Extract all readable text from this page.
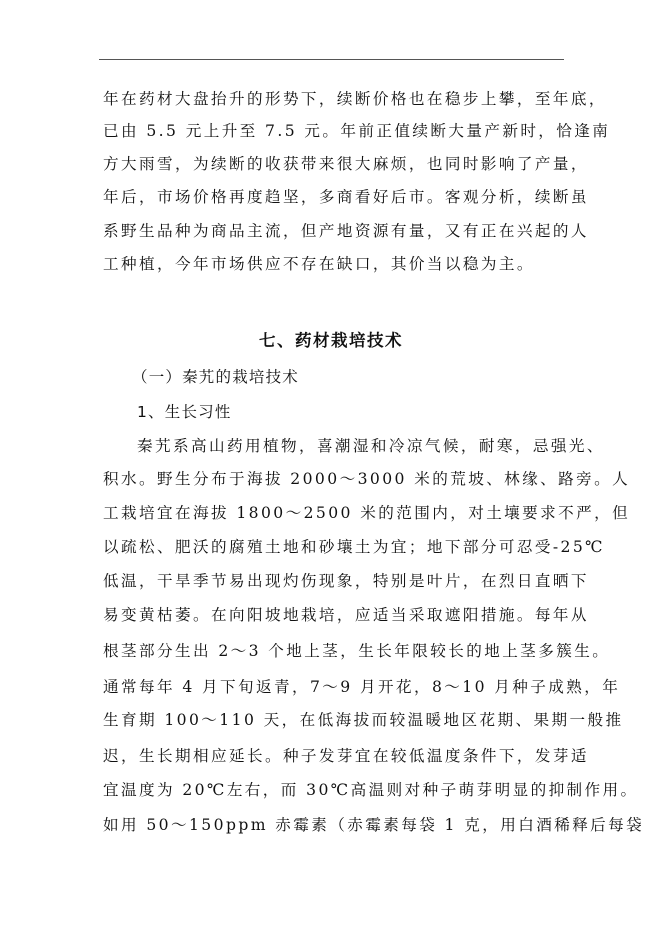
年在药材大盘抬升的形势下，续断价格也在稳步上攀，至年底，
已由 5.5 元上升至 7.5 元。年前正值续断大量产新时，恰逢南
方大雨雪，为续断的收获带来很大麻烦，也同时影响了产量，
年后，市场价格再度趋坚，多商看好后市。客观分析，续断虽
系野生品种为商品主流，但产地资源有量，又有正在兴起的人
工种植，今年市场供应不存在缺口，其价当以稳为主。
七、药材栽培技术
（一）秦艽的栽培技术
1、生长习性
秦艽系高山药用植物，喜潮湿和冷凉气候，耐寒，忌强光、
积水。野生分布于海拔 2000～3000 米的荒坡、林缘、路旁。人
工栽培宜在海拔 1800～2500 米的范围内，对土壤要求不严，但
以疏松、肥沃的腐殖土地和砂壤土为宜；地下部分可忍受-25℃
低温，干旱季节易出现灼伤现象，特别是叶片，在烈日直晒下
易变黄枯萎。在向阳坡地栽培，应适当采取遮阳措施。每年从
根茎部分生出 2～3 个地上茎，生长年限较长的地上茎多簇生。
通常每年 4 月下旬返青，7～9 月开花，8～10 月种子成熟，年
生育期 100～110 天，在低海拔而较温暖地区花期、果期一般推
迟，生长期相应延长。种子发芽宜在较低温度条件下，发芽适
宜温度为 20℃左右，而 30℃高温则对种子萌芽明显的抑制作用。
如用 50～150ppm 赤霉素（赤霉素每袋 1 克，用白酒稀释后每袋
